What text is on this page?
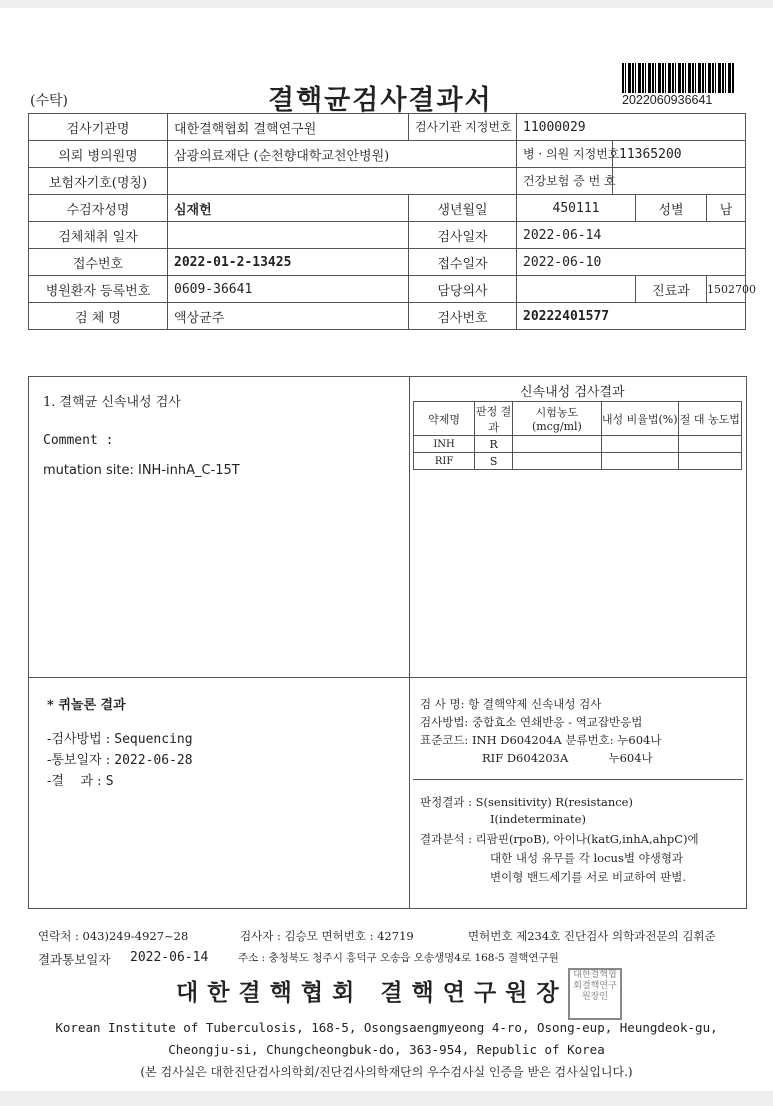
(수탁)	결핵균검사결과서	2022060936641
검사기관명	대한결핵협회 결핵연구원	검사기관 지정번호	11000029			
의뢰 병의원명	삼광의료재단 (순천향대학교천안병원)		병 · 의원 지정번호	11365200		
보험자기호(명칭)			건강보험 증 번 호			
수검자성명	심재헌	생년월일	450111		성별	남
검체채취 일자		검사일자	2022-06-14			
접수번호	2022-01-2-13425	접수일자	2022-06-10			
병원환자 등록번호	0609-36641	담당의사			진료과	1502700
검 체 명	액상균주	검사번호	20222401577			
1. 결핵균 신속내성 검사
Comment :
mutation site: INH-inhA_C-15T
* 퀴놀론 결과
-검사방법 : Sequencing
-통보일자 : 2022-06-28
-결    과 : S
신속내성 검사결과
약제명	판정 결과	시험농도 (mcg/ml)	내성 비율법(%)	절 대 농도법
INH	R			
RIF	S			
검 사 명: 항 결핵약제 신속내성 검사
검사방법: 중합효소 연쇄반응 - 역교잡반응법
표준코드: INH D604204A 분류번호: 누604나
RIF D604203A           누604나
판정결과 : S(sensitivity) R(resistance)
I(indeterminate)
결과분석 : 리팜핀(rpoB), 아이나(katG,inhA,ahpC)에
대한 내성 유무를 각 locus별 야생형과
변이형 밴드세기를 서로 비교하여 판별.
연락처 : 043)249-4927~28	검사자 : 김승모 면허번호 : 42719	면허번호 제234호 진단검사 의학과전문의 김휘준
결과통보일자 2022-06-14	주소 : 충청북도 청주시 흥덕구 오송읍 오송생명4로 168-5 결핵연구원
대한결핵협회 결핵연구원장
대한결핵협회결핵연구원장인
Korean Institute of Tuberculosis, 168-5, Osongsaengmyeong 4-ro, Osong-eup, Heungdeok-gu,
Cheongju-si, Chungcheongbuk-do, 363-954, Republic of Korea
(본 검사실은 대한진단검사의학회/진단검사의학재단의 우수검사실 인증을 받은 검사실입니다.)
